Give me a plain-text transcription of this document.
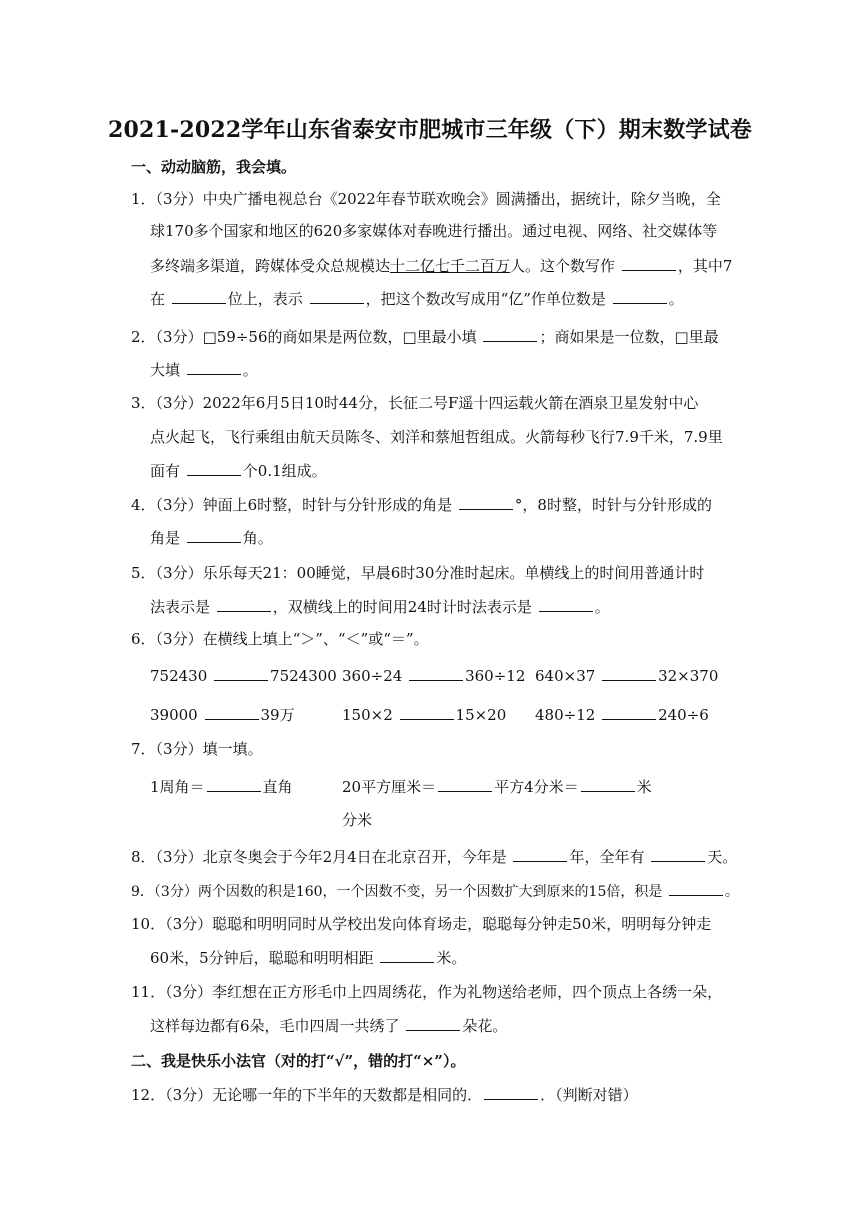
2021-2022学年山东省泰安市肥城市三年级（下）期末数学试卷
一、动动脑筋，我会填。
1．（3分）中央广播电视总台《2022年春节联欢晚会》圆满播出，据统计，除夕当晚，全
球170多个国家和地区的620多家媒体对春晚进行播出。通过电视、网络、社交媒体等
多终端多渠道，跨媒体受众总规模达十二亿七千二百万人。这个数写作	，其中7
在	位上，表示	，把这个数改写成用“亿”作单位数是	。
2．（3分）□59÷56的商如果是两位数，□里最小填	；商如果是一位数，□里最
大填	。
3．（3分）2022年6月5日10时44分，长征二号F遥十四运载火箭在酒泉卫星发射中心
点火起飞，飞行乘组由航天员陈冬、刘洋和蔡旭哲组成。火箭每秒飞行7.9千米，7.9里
面有	个0.1组成。
4．（3分）钟面上6时整，时针与分针形成的角是	°，8时整，时针与分针形成的
角是	角。
5．（3分）乐乐每天21：00睡觉，早晨6时30分准时起床。单横线上的时间用普通计时
法表示是	，双横线上的时间用24时计时法表示是	。
6．（3分）在横线上填上“＞”、“＜”或“＝”。
752430	7524300 360÷24	360÷12 640×37	32×370
39000	39万	150×2	15×20 480÷12	240÷6
7．（3分）填一填。
1周角＝	直角	20平方厘米＝	平方4分米＝	米
分米
8．（3分）北京冬奥会于今年2月4日在北京召开，今年是	年，全年有	天。
9．（3分）两个因数的积是160，一个因数不变，另一个因数扩大到原来的15倍，积是	。
10．（3分）聪聪和明明同时从学校出发向体育场走，聪聪每分钟走50米，明明每分钟走
60米，5分钟后，聪聪和明明相距	米。
11．（3分）李红想在正方形毛巾上四周绣花，作为礼物送给老师，四个顶点上各绣一朵，
这样每边都有6朵，毛巾四周一共绣了	朵花。
二、我是快乐小法官（对的打“√”，错的打“×”）。
12．（3分）无论哪一年的下半年的天数都是相同的．	．（判断对错）
